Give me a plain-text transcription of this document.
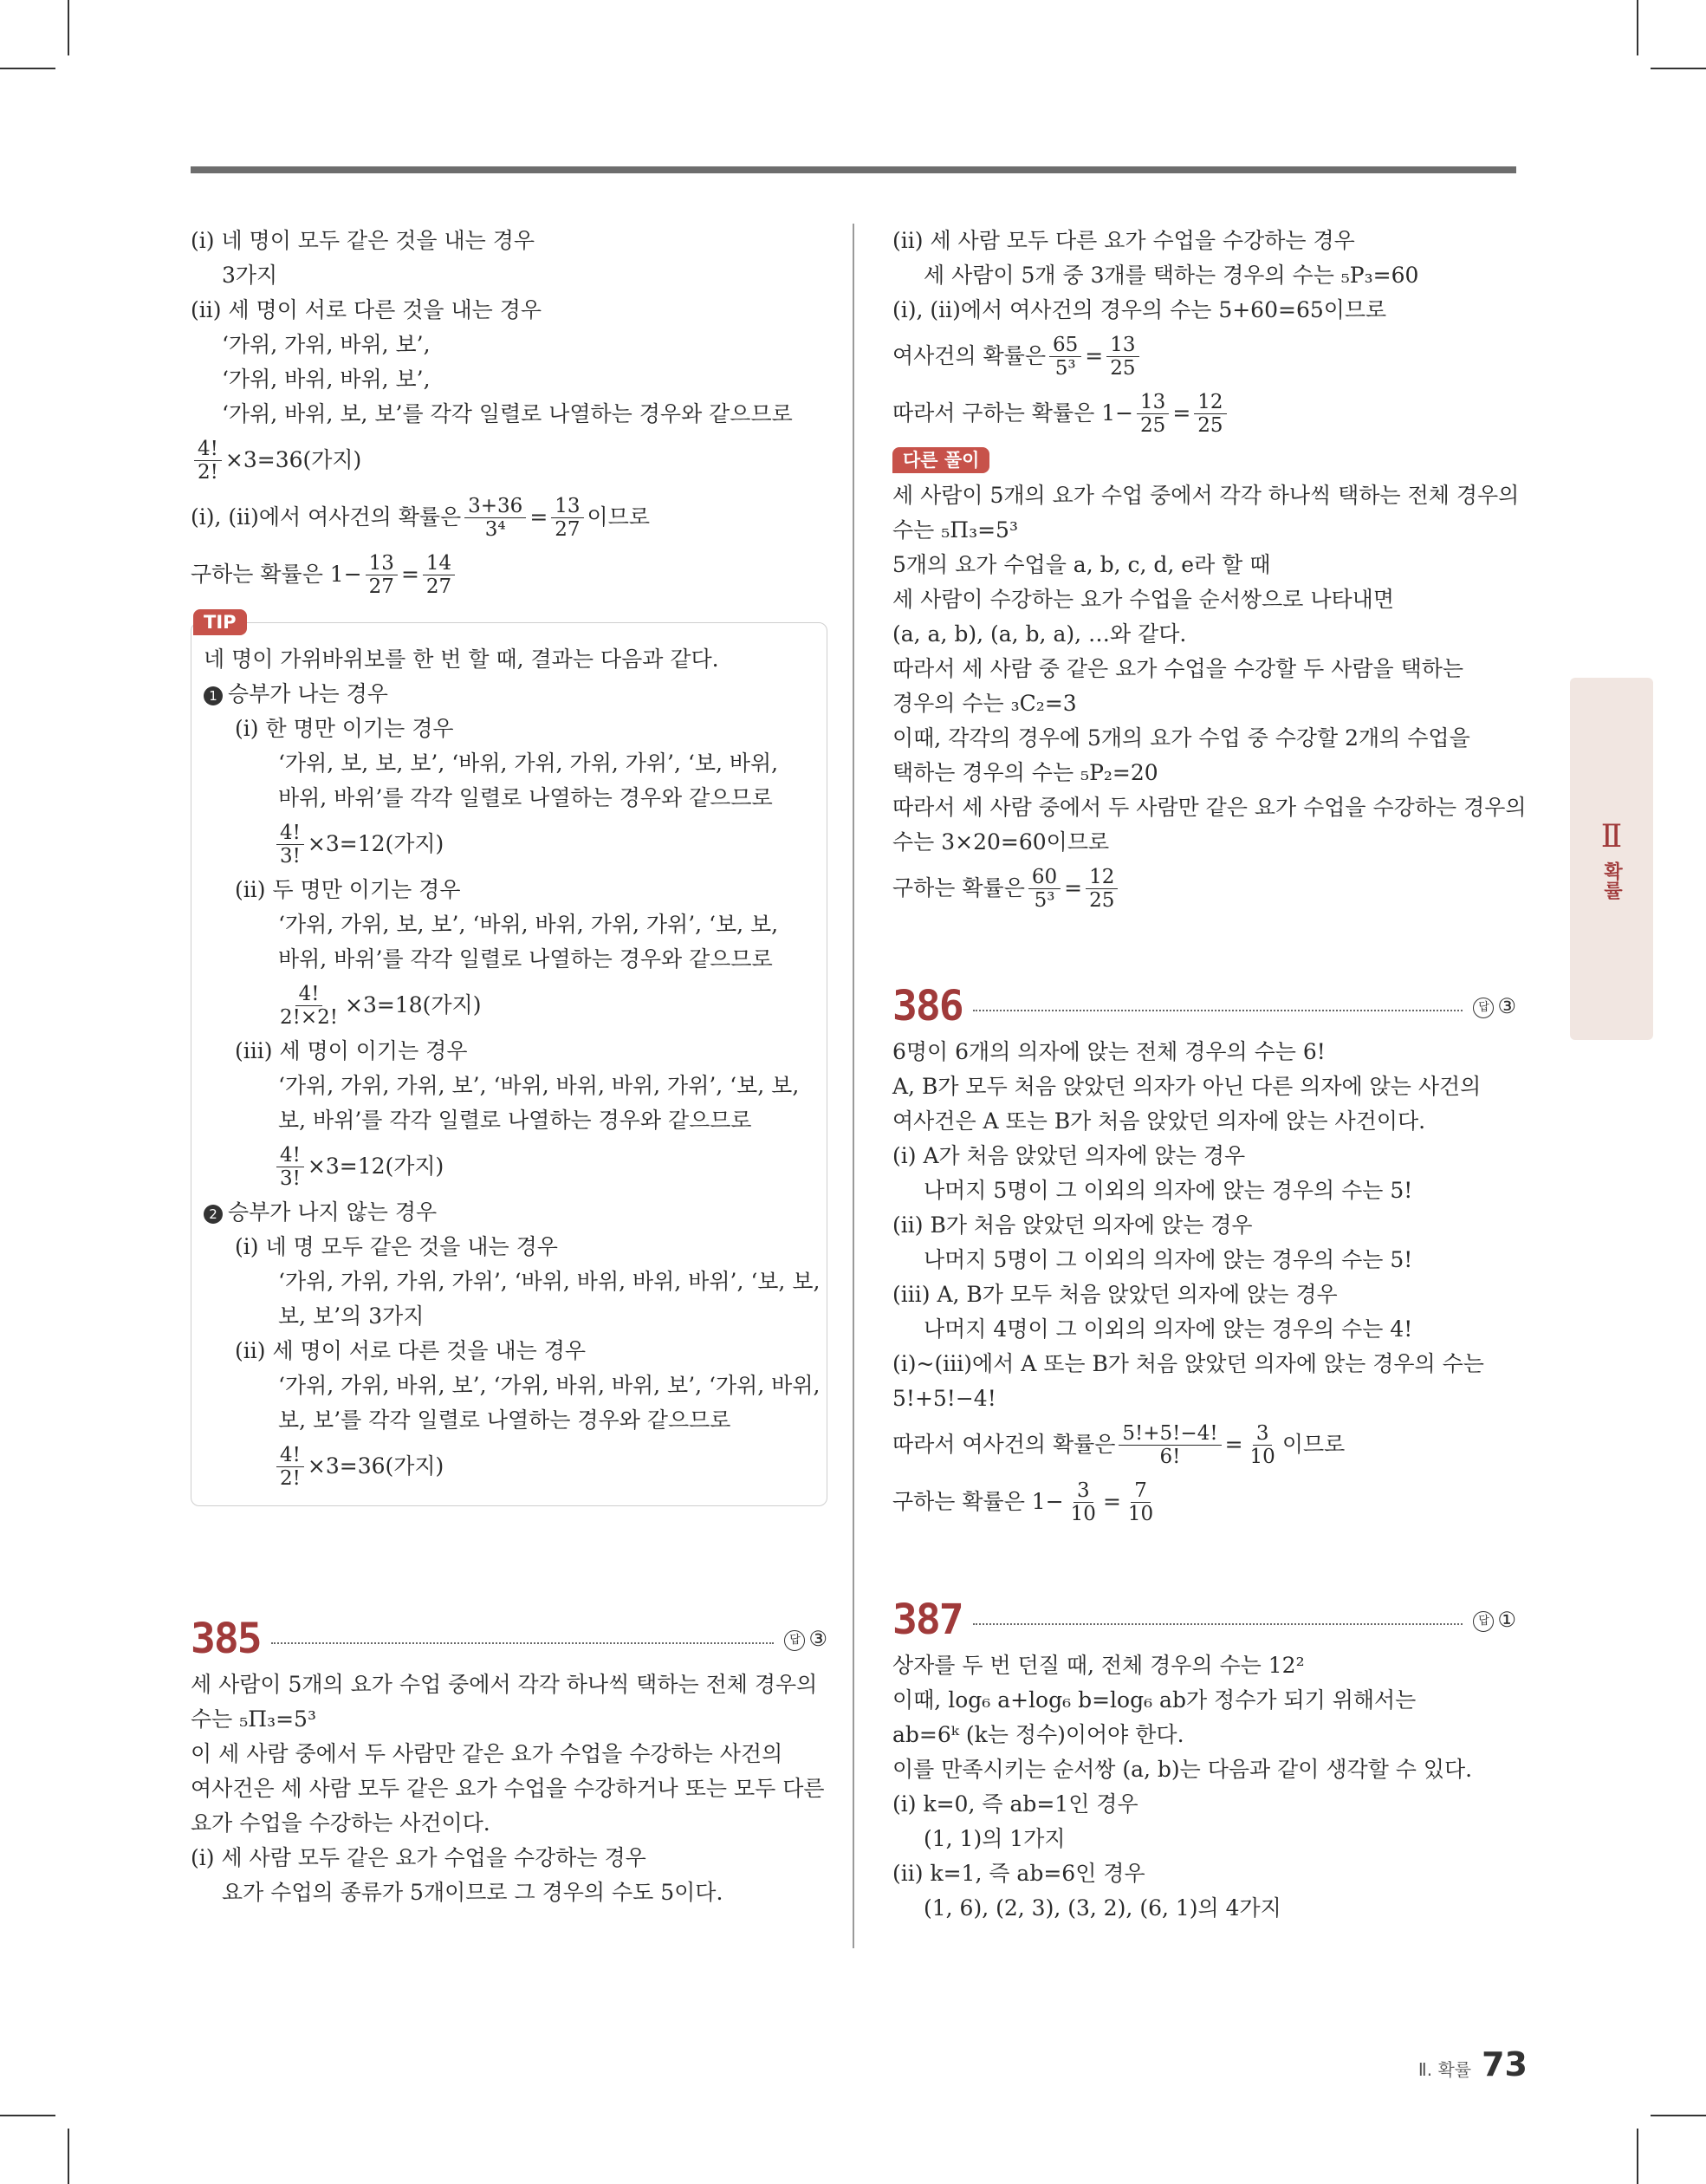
(ⅰ) 네 명이 모두 같은 것을 내는 경우
3가지
(ⅱ) 세 명이 서로 다른 것을 내는 경우
‘가위, 가위, 바위, 보’,
‘가위, 바위, 바위, 보’,
‘가위, 바위, 보, 보’를 각각 일렬로 나열하는 경우와 같으므로
$\frac{4!}{2!} \times 3=36$(가지)
(ⅰ), (ⅱ)에서 여사건의 확률은 $\frac{3+36}{\text{3⁴}} = \frac{13}{27}$ 이므로
구하는 확률은 $1- \frac{13}{27} = \frac{14}{27}$
TIP
네 명이 가위바위보를 한 번 할 때, 결과는 다음과 같다.
1 승부가 나는 경우
(ⅰ) 한 명만 이기는 경우
‘가위, 보, 보, 보’, ‘바위, 가위, 가위, 가위’, ‘보, 바위,
바위, 바위’를 각각 일렬로 나열하는 경우와 같으므로
$\frac{4!}{3!} \times 3=12$(가지)
(ⅱ) 두 명만 이기는 경우
‘가위, 가위, 보, 보’, ‘바위, 바위, 가위, 가위’, ‘보, 보,
바위, 바위’를 각각 일렬로 나열하는 경우와 같으므로
$\frac{4!}{2!\times 2!} \times 3=18$(가지)
(ⅲ) 세 명이 이기는 경우
‘가위, 가위, 가위, 보’, ‘바위, 바위, 바위, 가위’, ‘보, 보,
보, 바위’를 각각 일렬로 나열하는 경우와 같으므로
$\frac{4!}{3!} \times 3=12$(가지)
2 승부가 나지 않는 경우
(ⅰ) 네 명 모두 같은 것을 내는 경우
‘가위, 가위, 가위, 가위’, ‘바위, 바위, 바위, 바위’, ‘보, 보,
보, 보’의 3가지
(ⅱ) 세 명이 서로 다른 것을 내는 경우
‘가위, 가위, 바위, 보’, ‘가위, 바위, 바위, 보’, ‘가위, 바위,
보, 보’를 각각 일렬로 나열하는 경우와 같으므로
$\frac{4!}{2!} \times 3=36$(가지)
385	답 ③
세 사람이 5개의 요가 수업 중에서 각각 하나씩 택하는 전체 경우의
수는 ₅Π₃=5³
이 세 사람 중에서 두 사람만 같은 요가 수업을 수강하는 사건의
여사건은 세 사람 모두 같은 요가 수업을 수강하거나 또는 모두 다른
요가 수업을 수강하는 사건이다.
(ⅰ) 세 사람 모두 같은 요가 수업을 수강하는 경우
요가 수업의 종류가 5개이므로 그 경우의 수도 5이다.
(ⅱ) 세 사람 모두 다른 요가 수업을 수강하는 경우
세 사람이 5개 중 3개를 택하는 경우의 수는 ₅P₃=60
(ⅰ), (ⅱ)에서 여사건의 경우의 수는 5+60=65이므로
여사건의 확률은 $\frac{65}{\text{5³}} = \frac{13}{25}$
따라서 구하는 확률은 $1- \frac{13}{25} = \frac{12}{25}$
다른 풀이
세 사람이 5개의 요가 수업 중에서 각각 하나씩 택하는 전체 경우의
수는 ₅Π₃=5³
5개의 요가 수업을 a, b, c, d, e라 할 때
세 사람이 수강하는 요가 수업을 순서쌍으로 나타내면
(a, a, b), (a, b, a), …와 같다.
따라서 세 사람 중 같은 요가 수업을 수강할 두 사람을 택하는
경우의 수는 ₃C₂=3
이때, 각각의 경우에 5개의 요가 수업 중 수강할 2개의 수업을
택하는 경우의 수는 ₅P₂=20
따라서 세 사람 중에서 두 사람만 같은 요가 수업을 수강하는 경우의
수는 3×20=60이므로
구하는 확률은 $\frac{60}{\text{5³}} = \frac{12}{25}$
386	답 ③
6명이 6개의 의자에 앉는 전체 경우의 수는 6!
A, B가 모두 처음 앉았던 의자가 아닌 다른 의자에 앉는 사건의
여사건은 A 또는 B가 처음 앉았던 의자에 앉는 사건이다.
(ⅰ) A가 처음 앉았던 의자에 앉는 경우
나머지 5명이 그 이외의 의자에 앉는 경우의 수는 5!
(ⅱ) B가 처음 앉았던 의자에 앉는 경우
나머지 5명이 그 이외의 의자에 앉는 경우의 수는 5!
(ⅲ) A, B가 모두 처음 앉았던 의자에 앉는 경우
나머지 4명이 그 이외의 의자에 앉는 경우의 수는 4!
(ⅰ)~(ⅲ)에서 A 또는 B가 처음 앉았던 의자에 앉는 경우의 수는
5!+5!−4!
따라서 여사건의 확률은 $\frac{5!+5!-4!}{6!} = \frac{3}{10}$ 이므로
구하는 확률은 $1- \frac{3}{10} = \frac{7}{10}$
387	답 ①
상자를 두 번 던질 때, 전체 경우의 수는 12²
이때, log₆ a+log₆ b=log₆ ab가 정수가 되기 위해서는
ab=6ᵏ (k는 정수)이어야 한다.
이를 만족시키는 순서쌍 (a, b)는 다음과 같이 생각할 수 있다.
(ⅰ) k=0, 즉 ab=1인 경우
(1, 1)의 1가지
(ⅱ) k=1, 즉 ab=6인 경우
(1, 6), (2, 3), (3, 2), (6, 1)의 4가지
Ⅱ
확률
Ⅱ. 확률 73
